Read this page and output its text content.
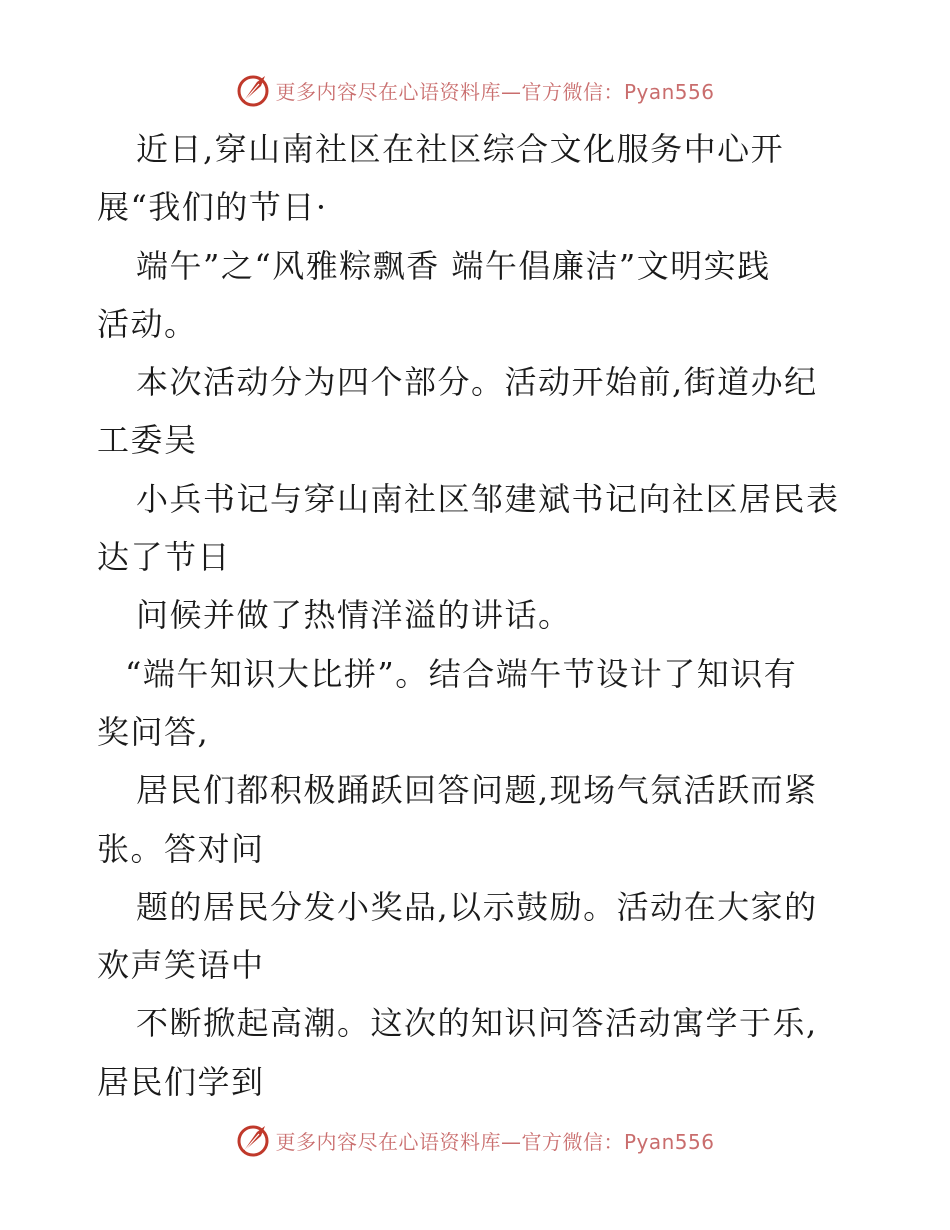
更多内容尽在心语资料库—官方微信：Pyan556
近日,穿山南社区在社区综合文化服务中心开
展“我们的节日·
端午”之“风雅粽飘香 端午倡廉洁”文明实践
活动。
本次活动分为四个部分。活动开始前,街道办纪
工委吴
小兵书记与穿山南社区邹建斌书记向社区居民表
达了节日
问候并做了热情洋溢的讲话。
“端午知识大比拼”。结合端午节设计了知识有
奖问答,
居民们都积极踊跃回答问题,现场气氛活跃而紧
张。答对问
题的居民分发小奖品,以示鼓励。活动在大家的
欢声笑语中
不断掀起高潮。这次的知识问答活动寓学于乐,
居民们学到
更多内容尽在心语资料库—官方微信：Pyan556
